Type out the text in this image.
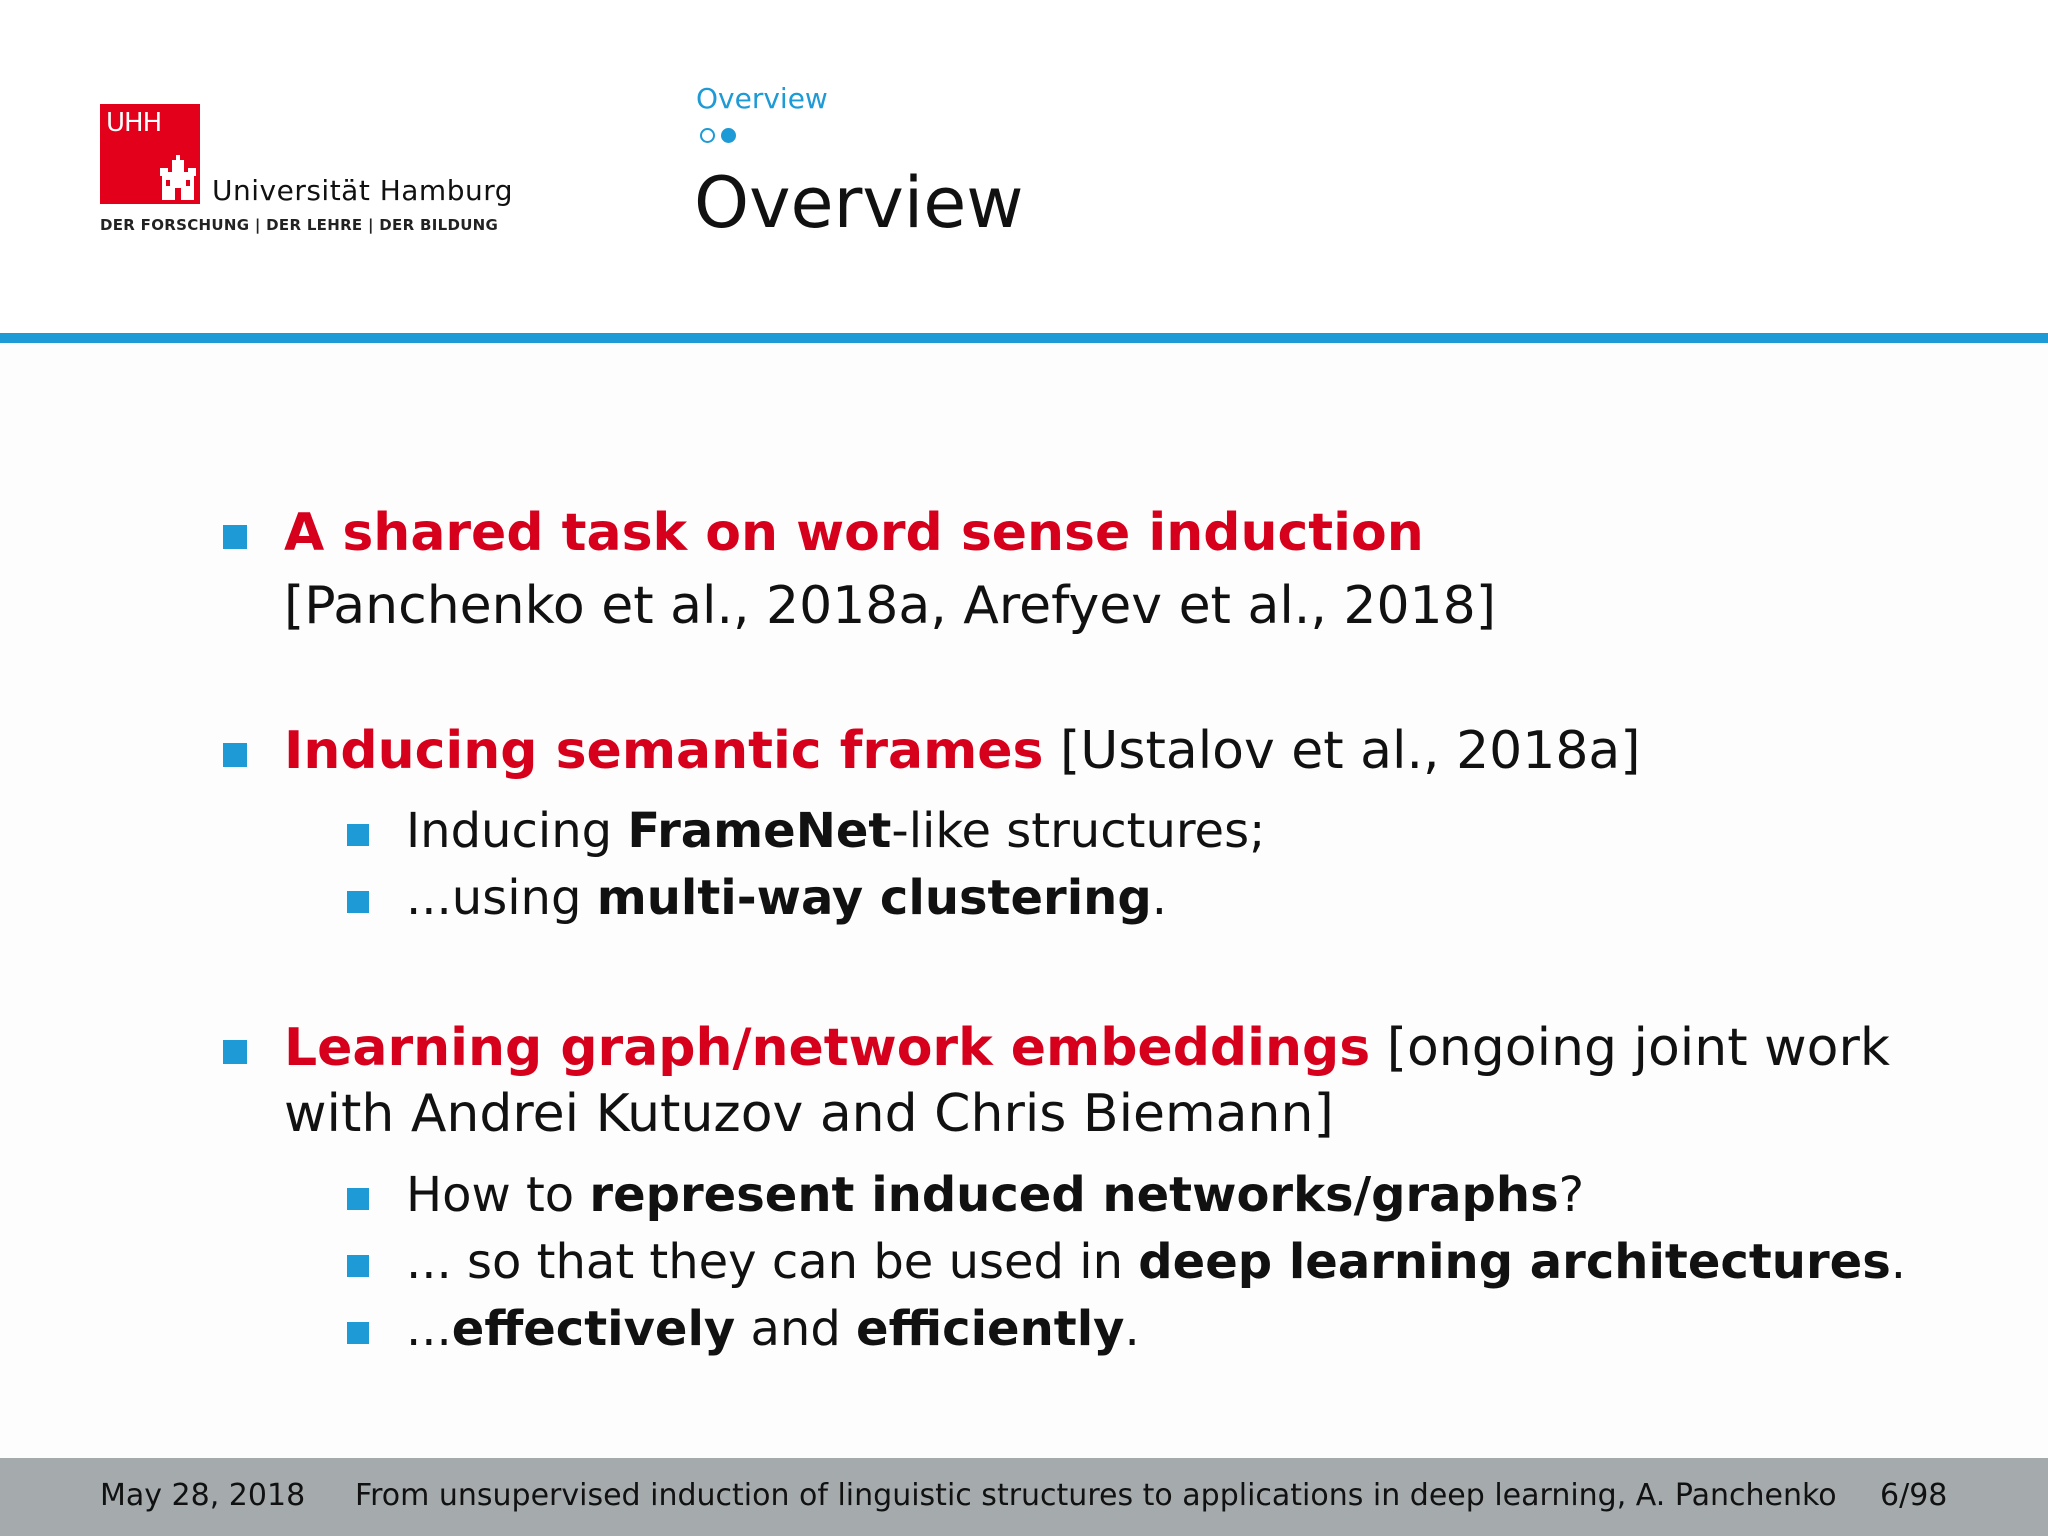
UHH
Universität Hamburg
DER FORSCHUNG | DER LEHRE | DER BILDUNG
Overview
Overview
A shared task on word sense induction
[Panchenko et al., 2018a, Arefyev et al., 2018]
Inducing semantic frames [Ustalov et al., 2018a]
Inducing FrameNet-like structures;
...using multi-way clustering.
Learning graph/network embeddings [ongoing joint work
with Andrei Kutuzov and Chris Biemann]
How to represent induced networks/graphs?
... so that they can be used in deep learning architectures.
...effectively and efficiently.
May 28, 2018 From unsupervised induction of linguistic structures to applications in deep learning, A. Panchenko 6/98
